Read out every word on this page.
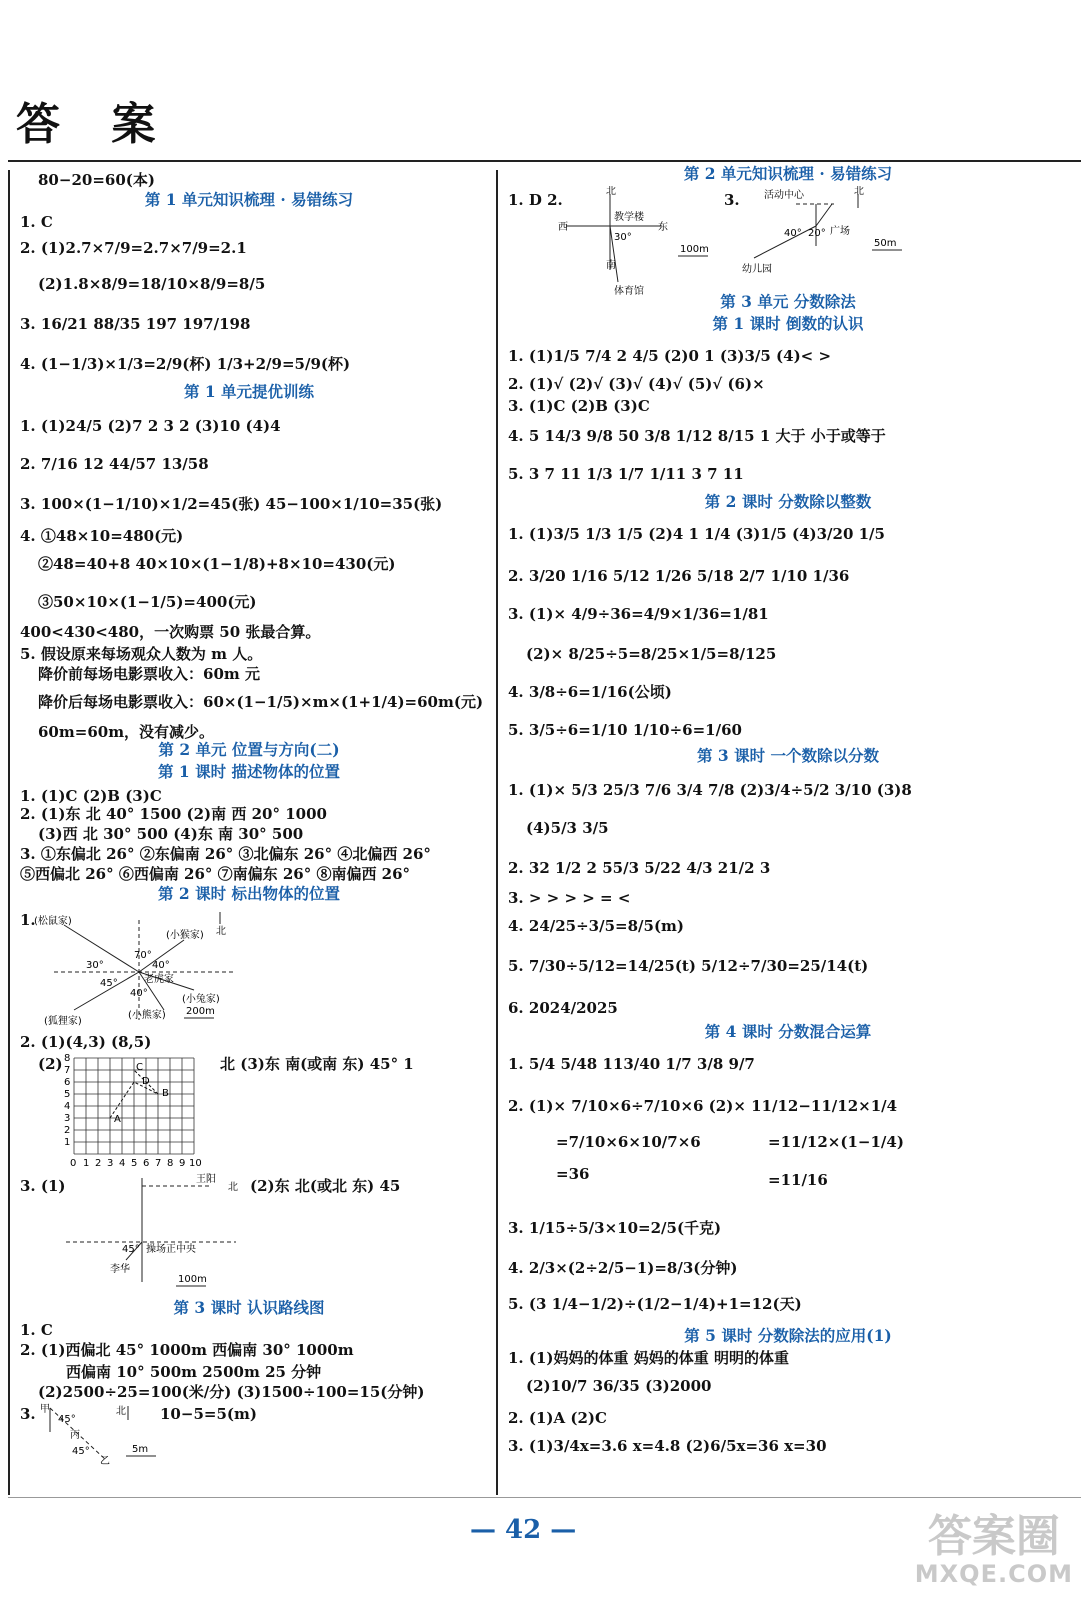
答 案
80−20=60(本)
第 1 单元知识梳理 · 易错练习
1. C
2. (1)2.7×7/9=2.7×7/9=2.1
(2)1.8×8/9=18/10×8/9=8/5
3. 16/21 88/35 197 197/198
4. (1−1/3)×1/3=2/9(杯) 1/3+2/9=5/9(杯)
第 1 单元提优训练
1. (1)24/5 (2)7 2 3 2 (3)10 (4)4
2. 7/16 12 44/57 13/58
3. 100×(1−1/10)×1/2=45(张) 45−100×1/10=35(张)
4. ①48×10=480(元)
②48=40+8 40×10×(1−1/8)+8×10=430(元)
③50×10×(1−1/5)=400(元)
400<430<480，一次购票 50 张最合算。
5. 假设原来每场观众人数为 m 人。
降价前每场电影票收入：60m 元
降价后每场电影票收入：60×(1−1/5)×m×(1+1/4)=60m(元)
60m=60m，没有减少。
第 2 单元 位置与方向(二)
第 1 课时 描述物体的位置
1. (1)C (2)B (3)C
2. (1)东 北 40° 1500 (2)南 西 20° 1000
(3)西 北 30° 500 (4)东 南 30° 500
3. ①东偏北 26° ②东偏南 26° ③北偏东 26° ④北偏西 26°
⑤西偏北 26° ⑥西偏南 26° ⑦南偏东 26° ⑧南偏西 26°
第 2 课时 标出物体的位置
1.
(松鼠家)
(小猴家)
30°
70°
40°
45°
40°
老虎家
(小兔家)
(狐狸家)
(小熊家) 200m
北
2. (1)(4,3) (8,5)
(2)	C
D
B
A
0 1 2 3 4 5 6 7 8 9 10
8
7
6
5
4
3
2
1
北 (3)东 南(或南 东) 45° 1
3. (1)	王阳
北
45° 操场正中央
李华
100m
(2)东 北(或北 东) 45
第 3 课时 认识路线图
1. C
2. (1)西偏北 45° 1000m 西偏南 30° 1000m
西偏南 10° 500m 2500m 25 分钟
(2)2500÷25=100(米/分) (3)1500÷100=15(分钟)
3. 甲
45°
北
丙
45°
乙
5m
10−5=5(m)
第 2 单元知识梳理 · 易错练习
1. D 2.	北
西
教学楼
东
30°
南
体育馆
100m
3. 活动中心	北
40° 20° 广场
幼儿园
50m
第 3 单元 分数除法
第 1 课时 倒数的认识
1. (1)1/5 7/4 2 4/5 (2)0 1 (3)3/5 (4)< >
2. (1)√ (2)√ (3)√ (4)√ (5)√ (6)×
3. (1)C (2)B (3)C
4. 5 14/3 9/8 50 3/8 1/12 8/15 1 大于 小于或等于
5. 3 7 11 1/3 1/7 1/11 3 7 11
第 2 课时 分数除以整数
1. (1)3/5 1/3 1/5 (2)4 1 1/4 (3)1/5 (4)3/20 1/5
2. 3/20 1/16 5/12 1/26 5/18 2/7 1/10 1/36
3. (1)× 4/9÷36=4/9×1/36=1/81
(2)× 8/25÷5=8/25×1/5=8/125
4. 3/8÷6=1/16(公顷)
5. 3/5÷6=1/10 1/10÷6=1/60
第 3 课时 一个数除以分数
1. (1)× 5/3 25/3 7/6 3/4 7/8 (2)3/4÷5/2 3/10 (3)8
(4)5/3 3/5
2. 32 1/2 2 55/3 5/22 4/3 21/2 3
3. > > > > = <
4. 24/25÷3/5=8/5(m)
5. 7/30÷5/12=14/25(t) 5/12÷7/30=25/14(t)
6. 2024/2025
第 4 课时 分数混合运算
1. 5/4 5/48 113/40 1/7 3/8 9/7
2. (1)× 7/10×6÷7/10×6 (2)× 11/12−11/12×1/4
=7/10×6×10/7×6	=11/12×(1−1/4)
=36	=11/16
3. 1/15÷5/3×10=2/5(千克)
4. 2/3×(2÷2/5−1)=8/3(分钟)
5. (3 1/4−1/2)÷(1/2−1/4)+1=12(天)
第 5 课时 分数除法的应用(1)
1. (1)妈妈的体重 妈妈的体重 明明的体重
(2)10/7 36/35 (3)2000
2. (1)A (2)C
3. (1)3/4x=3.6 x=4.8 (2)6/5x=36 x=30
— 42 —	答案圈
MXQE.COM
